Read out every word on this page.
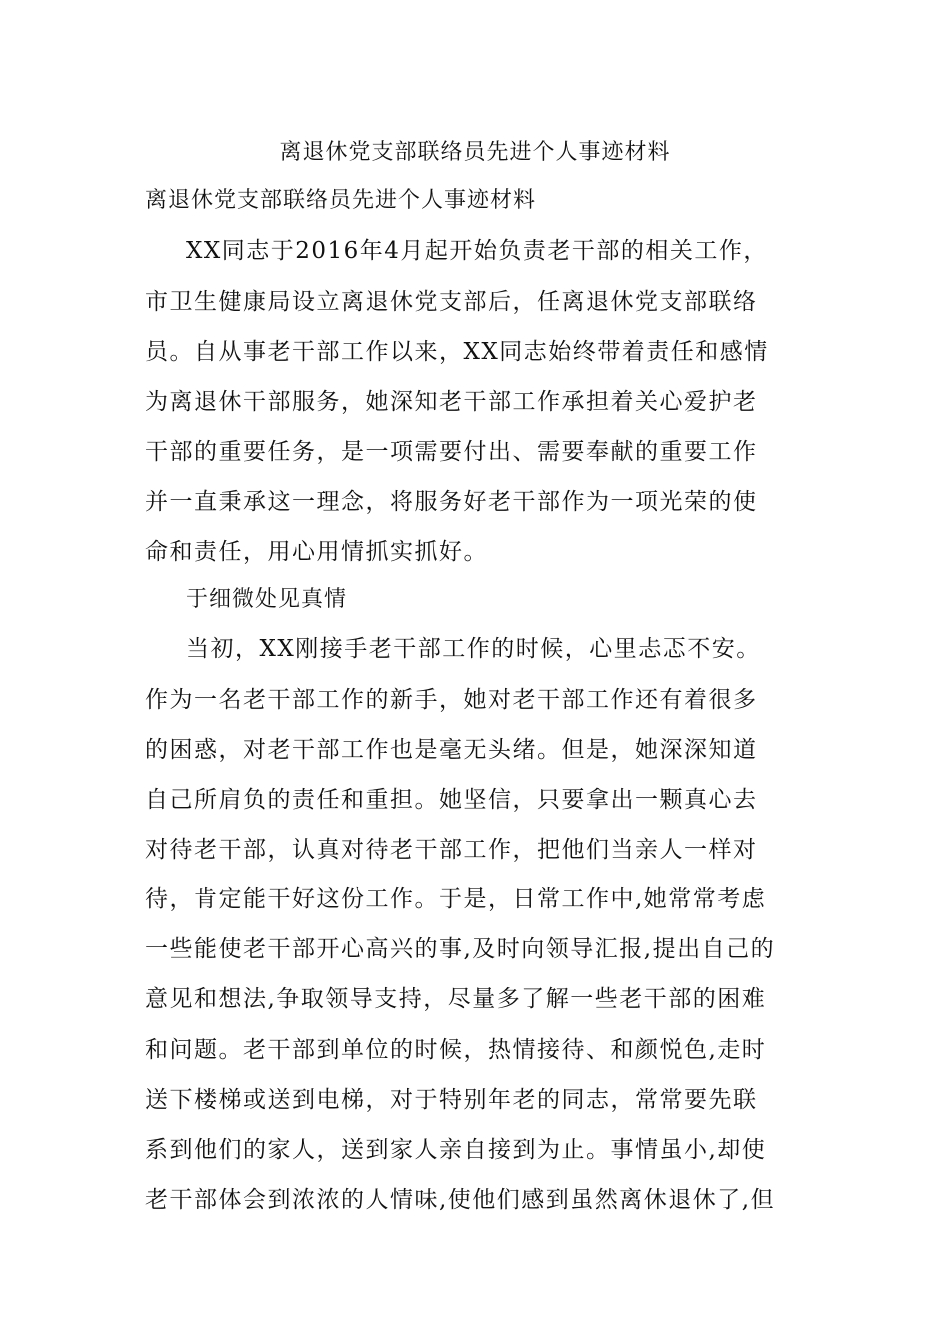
离退休党支部联络员先进个人事迹材料
离退休党支部联络员先进个人事迹材料
XX同志于2016年4月起开始负责老干部的相关工作，
市卫生健康局设立离退休党支部后，任离退休党支部联络
员。自从事老干部工作以来，XX同志始终带着责任和感情
为离退休干部服务，她深知老干部工作承担着关心爱护老
干部的重要任务，是一项需要付出、需要奉献的重要工作
并一直秉承这一理念，将服务好老干部作为一项光荣的使
命和责任，用心用情抓实抓好。
于细微处见真情
当初，XX刚接手老干部工作的时候，心里忐忑不安。
作为一名老干部工作的新手，她对老干部工作还有着很多
的困惑，对老干部工作也是毫无头绪。但是，她深深知道
自己所肩负的责任和重担。她坚信，只要拿出一颗真心去
对待老干部，认真对待老干部工作，把他们当亲人一样对
待，肯定能干好这份工作。于是，日常工作中,她常常考虑
一些能使老干部开心高兴的事,及时向领导汇报,提出自己的
意见和想法,争取领导支持，尽量多了解一些老干部的困难
和问题。老干部到单位的时候，热情接待、和颜悦色,走时
送下楼梯或送到电梯，对于特别年老的同志，常常要先联
系到他们的家人，送到家人亲自接到为止。事情虽小,却使
老干部体会到浓浓的人情味,使他们感到虽然离休退休了,但
